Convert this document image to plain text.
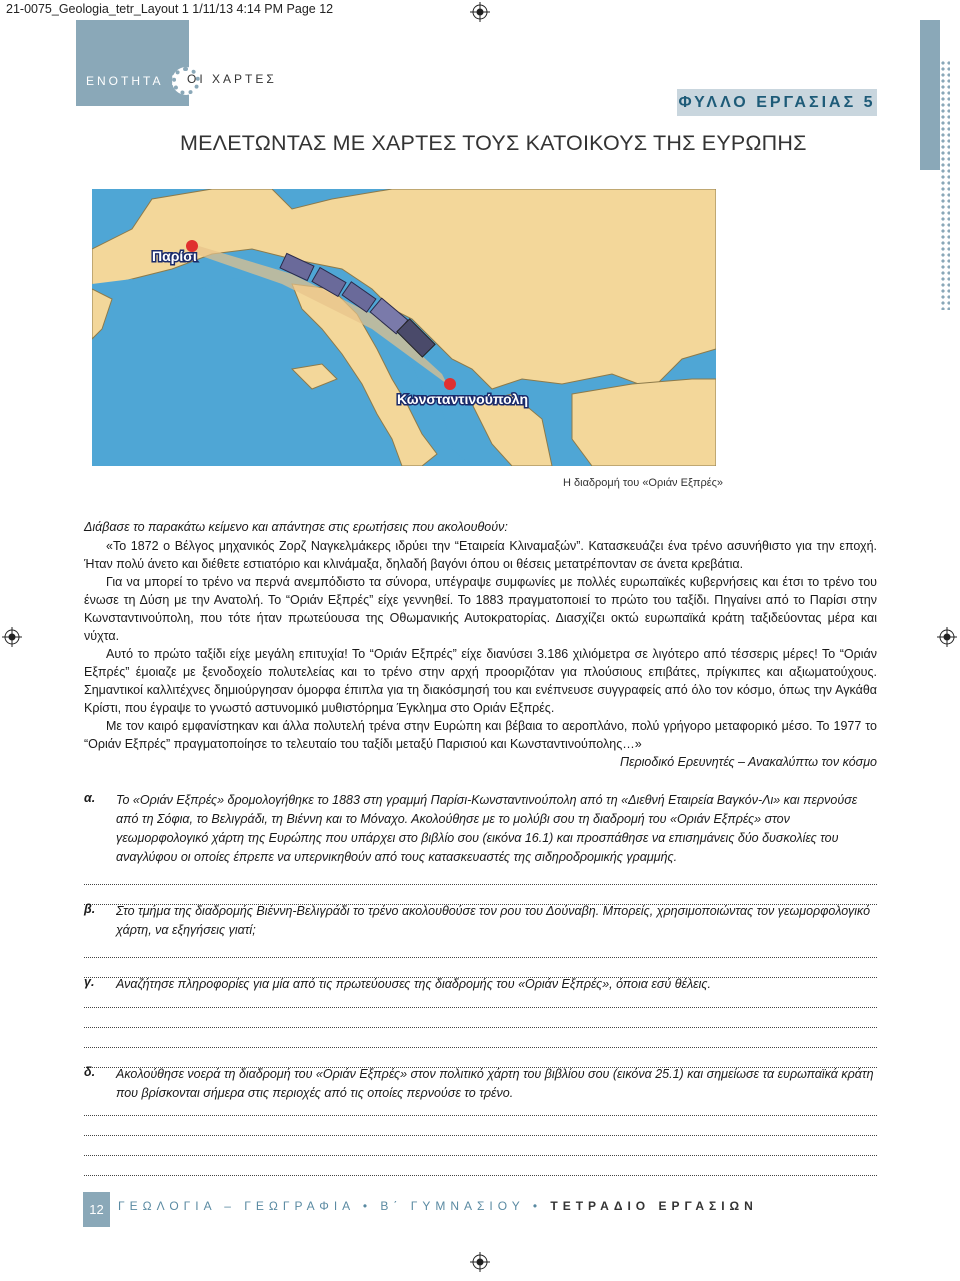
21-0075_Geologia_tetr_Layout 1 1/11/13 4:14 PM Page 12
ΕΝΟΤΗΤΑ	ΟΙ ΧΑΡΤΕΣ
ΦΥΛΛΟ ΕΡΓΑΣΙΑΣ 5
ΜΕΛΕΤΩΝΤΑΣ ΜΕ ΧΑΡΤΕΣ ΤΟΥΣ ΚΑΤΟΙΚΟΥΣ ΤΗΣ ΕΥΡΩΠΗΣ
Παρίσι
Κωνσταντινούπολη
Η διαδρομή του «Οριάν Εξπρές»
Διάβασε το παρακάτω κείμενο και απάντησε στις ερωτήσεις που ακολουθούν:

«Το 1872 ο Βέλγος μηχανικός Ζορζ Ναγκελμάκερς ιδρύει την “Εταιρεία Κλιναμαξών”. Κατασκευάζει ένα τρένο ασυνήθιστο για την εποχή. Ήταν πολύ άνετο και διέθετε εστιατόριο και κλινάμαξα, δηλαδή βαγόνι όπου οι θέσεις μετατρέπονταν σε άνετα κρεβάτια.

Για να μπορεί το τρένο να περνά ανεμπόδιστο τα σύνορα, υπέγραψε συμφωνίες με πολλές ευρωπαϊκές κυβερνήσεις και έτσι το τρένο του ένωσε τη Δύση με την Ανατολή. Το “Οριάν Εξπρές” είχε γεννηθεί. Το 1883 πραγματοποιεί το πρώτο του ταξίδι. Πηγαίνει από το Παρίσι στην Κωνσταντινούπολη, που τότε ήταν πρωτεύουσα της Οθωμανικής Αυτοκρατορίας. Διασχίζει οκτώ ευρωπαϊκά κράτη ταξιδεύοντας μέρα και νύχτα.

Αυτό το πρώτο ταξίδι είχε μεγάλη επιτυχία! Το “Οριάν Εξπρές” είχε διανύσει 3.186 χιλιόμετρα σε λιγότερο από τέσσερις μέρες! Το “Οριάν Εξπρές” έμοιαζε με ξενοδοχείο πολυτελείας και το τρένο στην αρχή προοριζόταν για πλούσιους επιβάτες, πρίγκιπες και αξιωματούχους. Σημαντικοί καλλιτέχνες δημιούργησαν όμορφα έπιπλα για τη διακόσμησή του και ενέπνευσε συγγραφείς από όλο τον κόσμο, όπως την Αγκάθα Κρίστι, που έγραψε το γνωστό αστυνομικό μυθιστόρημα Έγκλημα στο Οριάν Εξπρές.

Με τον καιρό εμφανίστηκαν και άλλα πολυτελή τρένα στην Ευρώπη και βέβαια το αεροπλάνο, πολύ γρήγορο μεταφορικό μέσο. Το 1977 το “Οριάν Εξπρές” πραγματοποίησε το τελευταίο του ταξίδι μεταξύ Παρισιού και Κωνσταντινούπολης…»

Περιοδικό Ερευνητές – Ανακαλύπτω τον κόσμο

α.	Το «Οριάν Εξπρές» δρομολογήθηκε το 1883 στη γραμμή Παρίσι-Κωνσταντινούπολη από τη «Διεθνή Εταιρεία Βαγκόν-Λι» και περνούσε από τη Σόφια, το Βελιγράδι, τη Βιέννη και το Μόναχο. Ακολούθησε με το μολύβι σου τη διαδρομή του «Οριάν Εξπρές» στον γεωμορφολογικό χάρτη της Ευρώπης που υπάρχει στο βιβλίο σου (εικόνα 16.1) και προσπάθησε να επισημάνεις δύο δυσκολίες του αναγλύφου οι οποίες έπρεπε να υπερνικηθούν από τους κατασκευαστές της σιδηροδρομικής γραμμής.
β.	Στο τμήμα της διαδρομής Βιέννη-Βελιγράδι το τρένο ακολουθούσε τον ρου του Δούναβη. Μπορείς, χρησιμοποιώντας τον γεωμορφολογικό χάρτη, να εξηγήσεις γιατί;
γ.	Αναζήτησε πληροφορίες για μία από τις πρωτεύουσες της διαδρομής του «Οριάν Εξπρές», όποια εσύ θέλεις.
δ.	Ακολούθησε νοερά τη διαδρομή του «Οριάν Εξπρές» στον πολιτικό χάρτη του βιβλίου σου (εικόνα 25.1) και σημείωσε τα ευρωπαϊκά κράτη που βρίσκονται σήμερα στις περιοχές από τις οποίες περνούσε το τρένο.
12	ΓΕΩΛΟΓΙΑ – ΓΕΩΓΡΑΦΙΑ • Β΄ ΓΥΜΝΑΣΙΟΥ • ΤΕΤΡΑΔΙΟ ΕΡΓΑΣΙΩΝ
